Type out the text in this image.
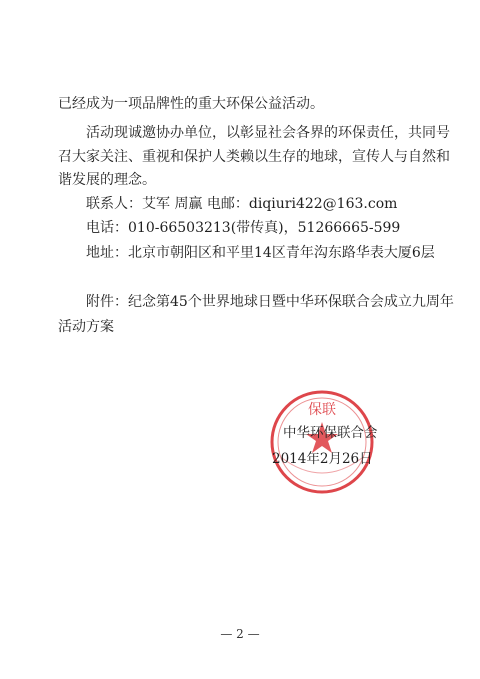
已经成为一项品牌性的重大环保公益活动。
活动现诚邀协办单位，以彰显社会各界的环保责任，共同号
召大家关注、重视和保护人类赖以生存的地球，宣传人与自然和
谐发展的理念。
联系人：艾军 周赢 电邮：diqiuri422@163.com
电话：010-66503213(带传真)，51266665-599
地址：北京市朝阳区和平里14区青年沟东路华表大厦6层
附件：纪念第45个世界地球日暨中华环保联合会成立九周年
活动方案
保联
中华环保联合会
2014年2月26日
— 2 —
